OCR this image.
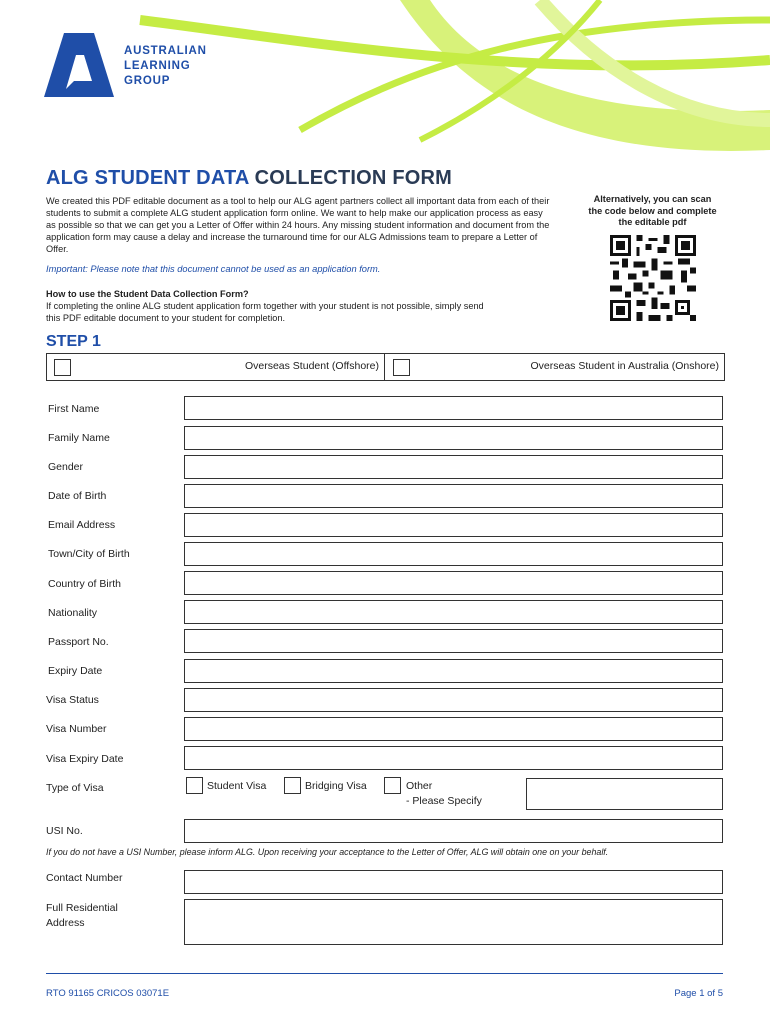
AUSTRALIAN
LEARNING
GROUP
ALG STUDENT DATA COLLECTION FORM
We created this PDF editable document as a tool to help our ALG agent partners collect all important data from each of their students to submit a complete ALG student application form online. We want to help make our application process as easy as possible so that we can get you a Letter of Offer within 24 hours. Any missing student information and document from the application form may cause a delay and increase the turnaround time for our ALG Admissions team to prepare a Letter of Offer.
Important: Please note that this document cannot be used as an application form.
How to use the Student Data Collection Form?
If completing the online ALG student application form together with your student is not possible, simply send this PDF editable document to your student for completion.
Alternatively, you can scan
the code below and complete
the editable pdf
STEP 1
Overseas Student (Offshore)	Overseas Student in Australia (Onshore)
First Name
Family Name
Gender
Date of Birth
Email Address
Town/City of Birth
Country of Birth
Nationality
Passport No.
Expiry Date
Visa Status
Visa Number
Visa Expiry Date
Type of Visa	Student Visa	Bridging Visa	Other
- Please Specify
USI No.
If you do not have a USI Number, please inform ALG. Upon receiving your acceptance to the Letter of Offer, ALG will obtain one on your behalf.
Contact Number
Full Residential
Address
RTO 91165 CRICOS 03071E	Page 1 of 5
